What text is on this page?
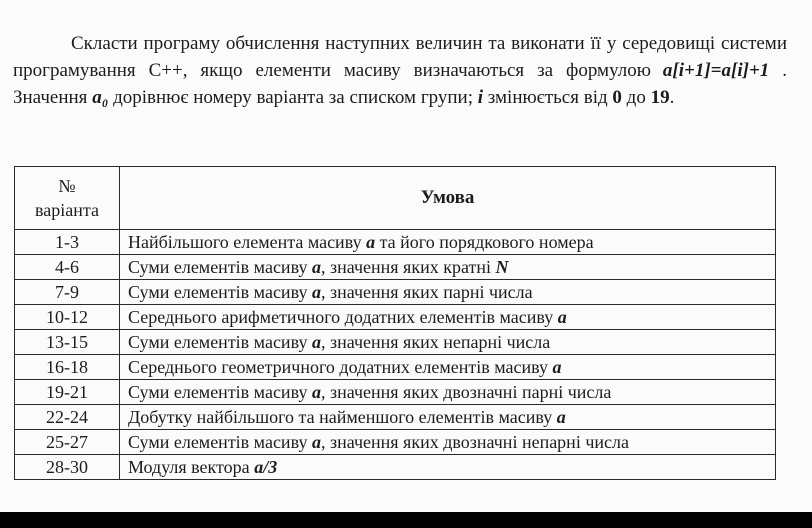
Скласти програму обчислення наступних величин та виконати її у середовищі системи програмування С++, якщо елементи масиву визначаються за формулою a[i+1]=a[i]+1 . Значення a₀ дорівнює номеру варіанта за списком групи; i змінюється від 0 до 19.

№
варіанта	Умова
1-3	Найбільшого елемента масиву a та його порядкового номера
4-6	Суми елементів масиву a, значення яких кратні N
7-9	Суми елементів масиву a, значення яких парні числа
10-12	Середнього арифметичного додатних елементів масиву a
13-15	Суми елементів масиву a, значення яких непарні числа
16-18	Середнього геометричного додатних елементів масиву a
19-21	Суми елементів масиву a, значення яких двозначні парні числа
22-24	Добутку найбільшого та найменшого елементів масиву a
25-27	Суми елементів масиву a, значення яких двозначні непарні числа
28-30	Модуля вектора a/3
